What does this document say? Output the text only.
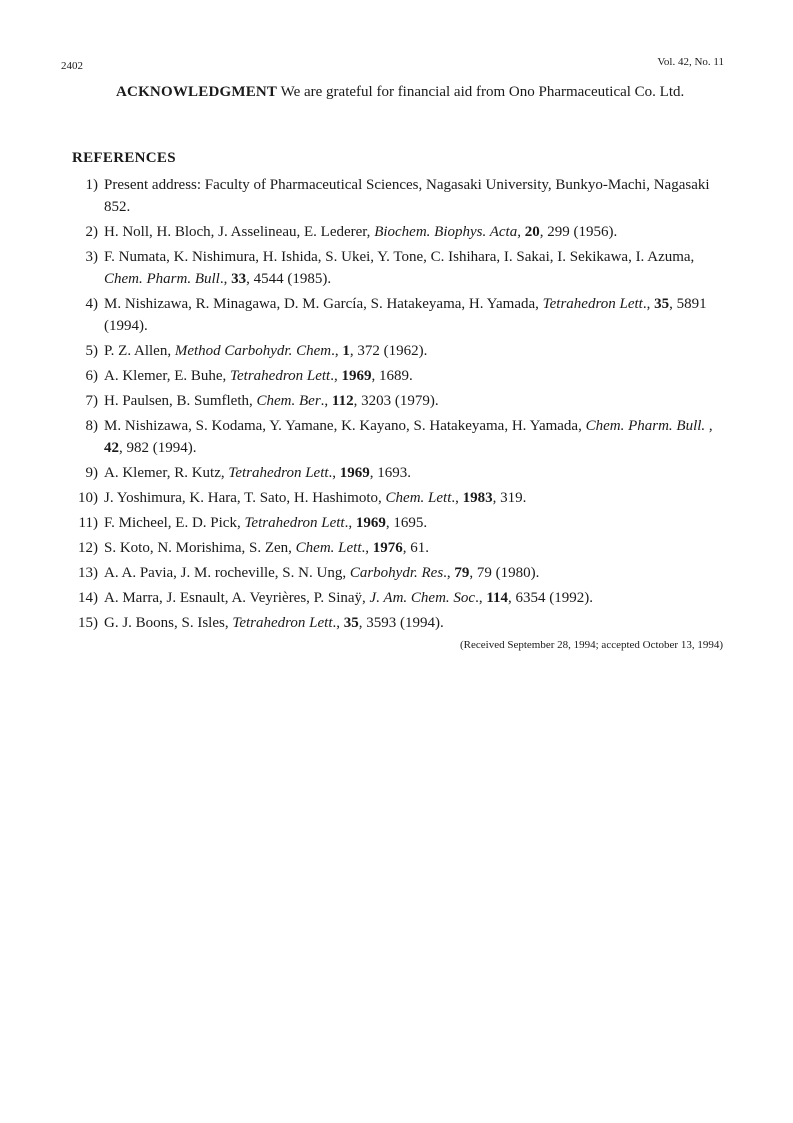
2402	Vol. 42, No. 11

ACKNOWLEDGMENT We are grateful for financial aid from Ono Pharmaceutical Co. Ltd.

REFERENCES
1) Present address: Faculty of Pharmaceutical Sciences, Nagasaki University, Bunkyo-Machi, Nagasaki 852.
2) H. Noll, H. Bloch, J. Asselineau, E. Lederer, Biochem. Biophys. Acta, 20, 299 (1956).
3) F. Numata, K. Nishimura, H. Ishida, S. Ukei, Y. Tone, C. Ishihara, I. Sakai, I. Sekikawa, I. Azuma, Chem. Pharm. Bull., 33, 4544 (1985).
4) M. Nishizawa, R. Minagawa, D. M. García, S. Hatakeyama, H. Yamada, Tetrahedron Lett., 35, 5891 (1994).
5) P. Z. Allen, Method Carbohydr. Chem., 1, 372 (1962).
6) A. Klemer, E. Buhe, Tetrahedron Lett., 1969, 1689.
7) H. Paulsen, B. Sumfleth, Chem. Ber., 112, 3203 (1979).
8) M. Nishizawa, S. Kodama, Y. Yamane, K. Kayano, S. Hatakeyama, H. Yamada, Chem. Pharm. Bull. , 42, 982 (1994).
9) A. Klemer, R. Kutz, Tetrahedron Lett., 1969, 1693.
10) J. Yoshimura, K. Hara, T. Sato, H. Hashimoto, Chem. Lett., 1983, 319.
11) F. Micheel, E. D. Pick, Tetrahedron Lett., 1969, 1695.
12) S. Koto, N. Morishima, S. Zen, Chem. Lett., 1976, 61.
13) A. A. Pavia, J. M. rocheville, S. N. Ung, Carbohydr. Res., 79, 79 (1980).
14) A. Marra, J. Esnault, A. Veyrières, P. Sinaÿ, J. Am. Chem. Soc., 114, 6354 (1992).
15) G. J. Boons, S. Isles, Tetrahedron Lett., 35, 3593 (1994).
(Received September 28, 1994; accepted October 13, 1994)
